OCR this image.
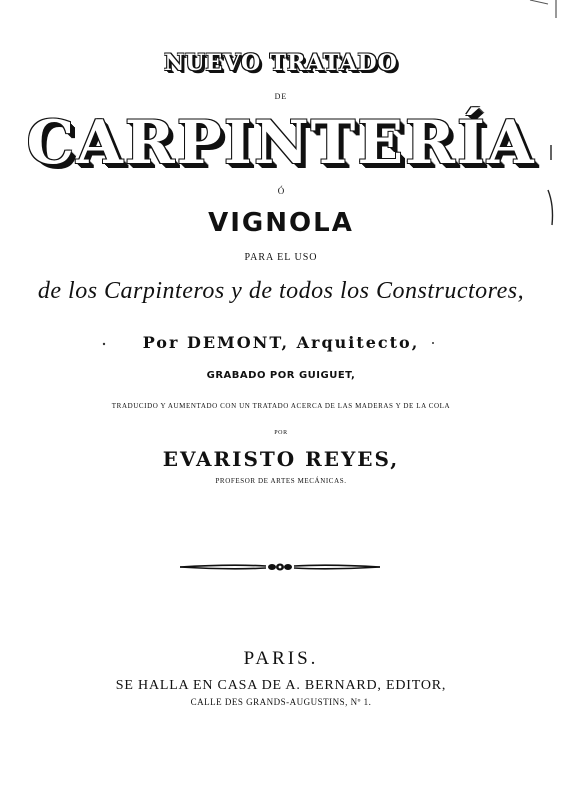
NUEVO TRATADO
DE
CARPINTERÍA
Ó
VIGNOLA
PARA EL USO
de los Carpinteros y de todos los Constructores,
Por DEMONT, Arquitecto,
GRABADO POR GUIGUET,
TRADUCIDO Y AUMENTADO CON UN TRATADO ACERCA DE LAS MADERAS Y DE LA COLA
POR
EVARISTO REYES,
PROFESOR DE ARTES MECÁNICAS.
PARIS.
SE HALLA EN CASA DE A. BERNARD, EDITOR,
CALLE DES GRANDS-AUGUSTINS, Nº 1.
